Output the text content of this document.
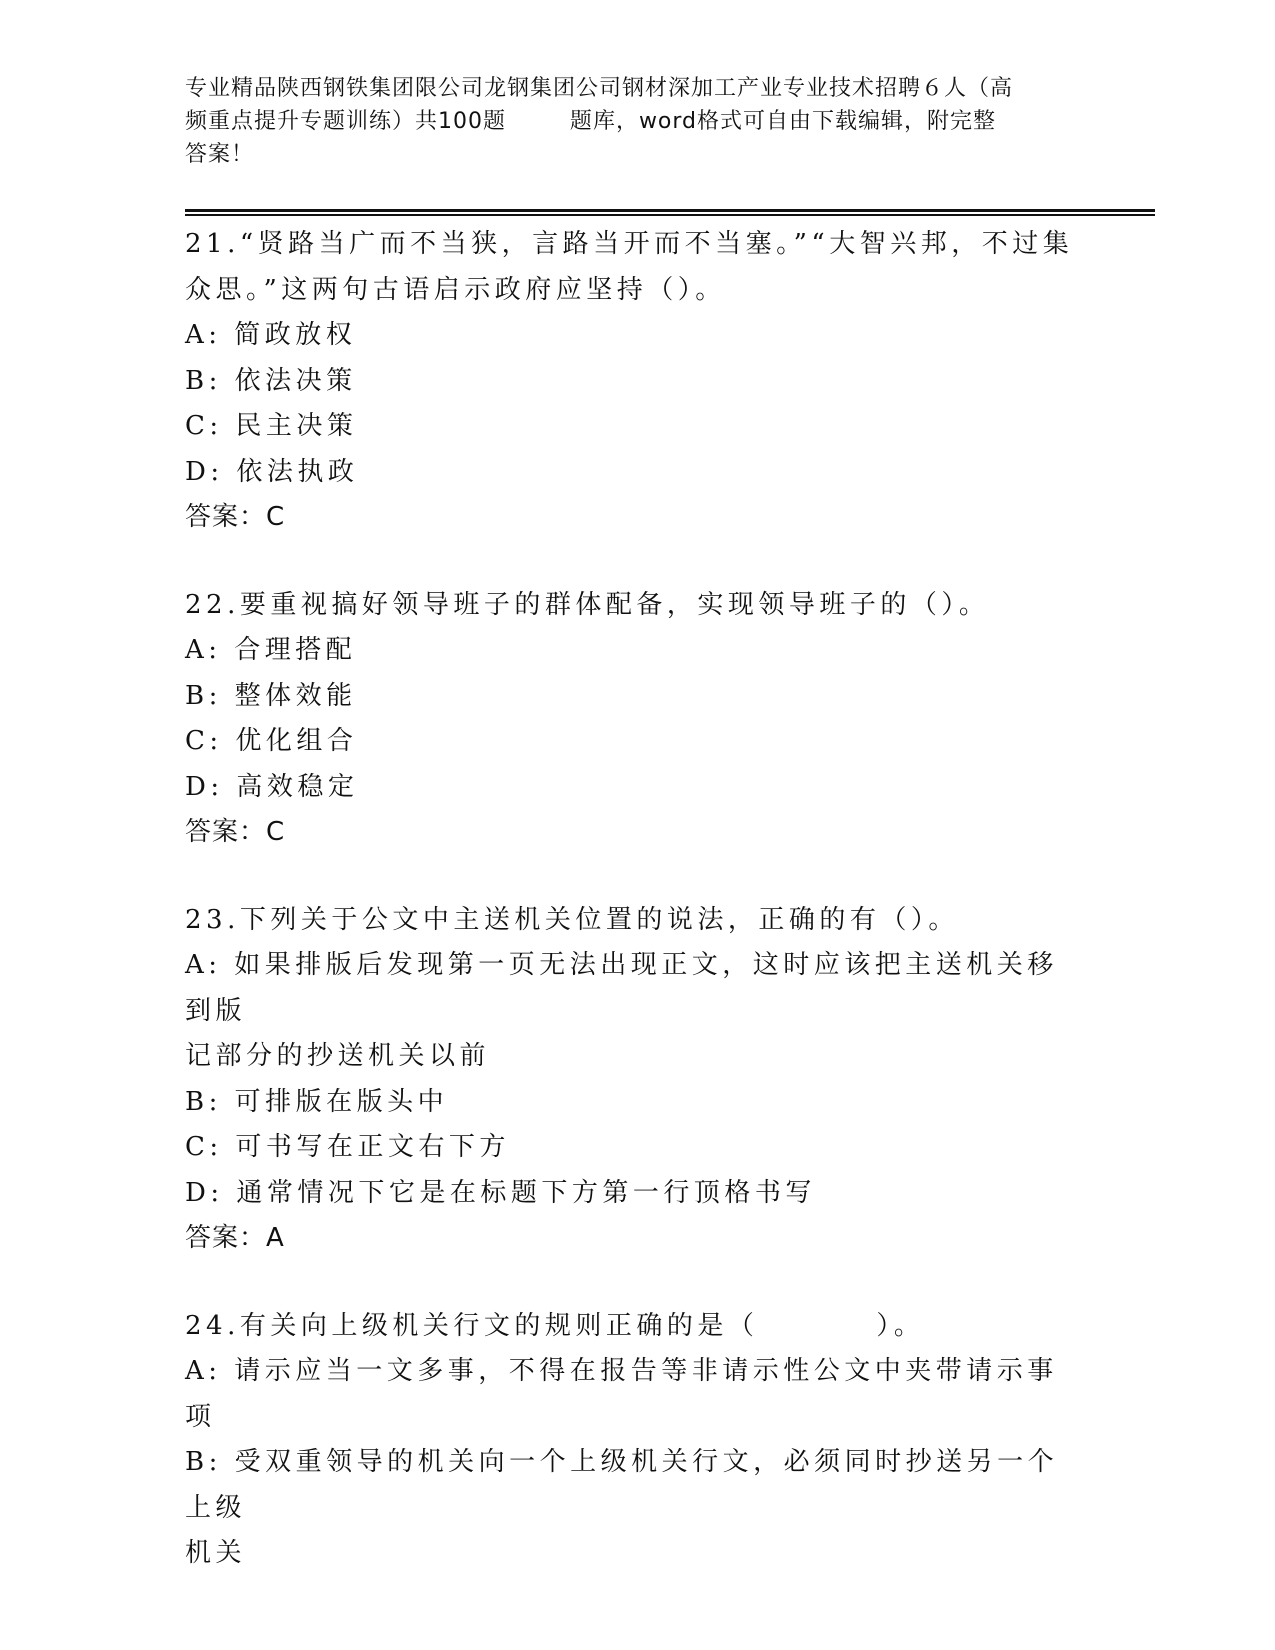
专业精品陕西钢铁集团限公司龙钢集团公司钢材深加工产业专业技术招聘６人（高
频重点提升专题训练）共100题        题库，word格式可自由下载编辑，附完整
答案！
21.“贤路当广而不当狭，言路当开而不当塞。”“大智兴邦，不过集
众思。”这两句古语启示政府应坚持（）。
A: 简政放权
B: 依法决策
C: 民主决策
D: 依法执政
答案：C
22.要重视搞好领导班子的群体配备，实现领导班子的（）。
A: 合理搭配
B: 整体效能
C: 优化组合
D: 高效稳定
答案：C
23.下列关于公文中主送机关位置的说法，正确的有（）。
A: 如果排版后发现第一页无法出现正文，这时应该把主送机关移到版
记部分的抄送机关以前
B: 可排版在版头中
C: 可书写在正文右下方
D: 通常情况下它是在标题下方第一行顶格书写
答案：A
24.有关向上级机关行文的规则正确的是（	）。
A: 请示应当一文多事，不得在报告等非请示性公文中夹带请示事项
B: 受双重领导的机关向一个上级机关行文，必须同时抄送另一个上级
机关
